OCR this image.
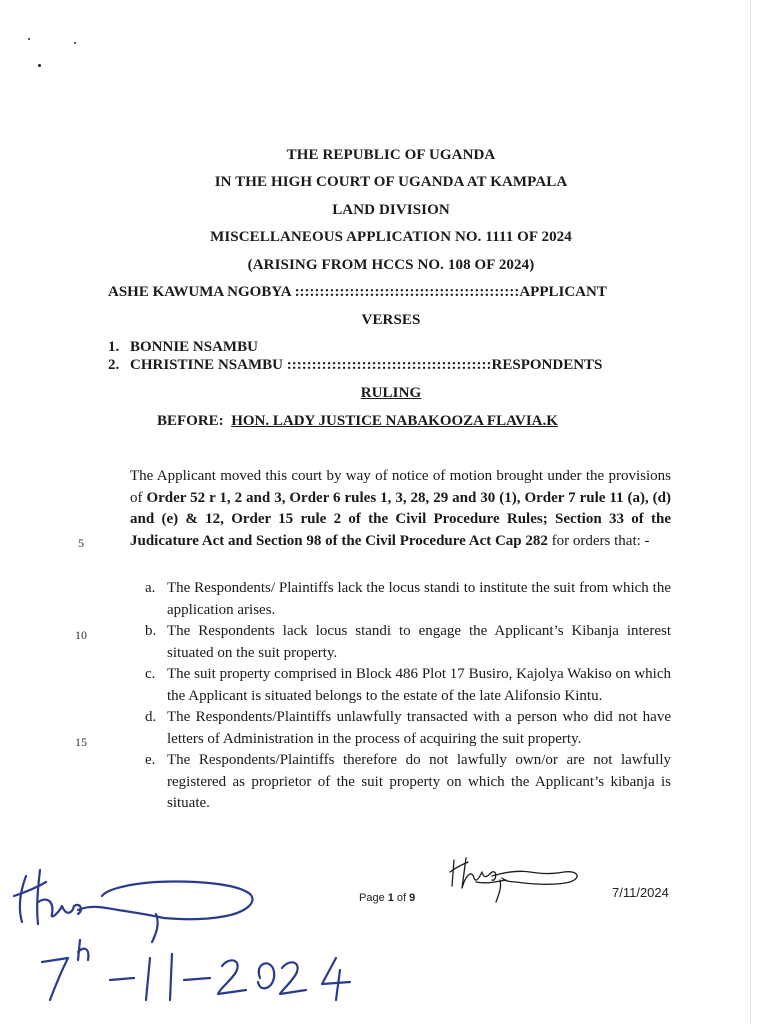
THE REPUBLIC OF UGANDA
IN THE HIGH COURT OF UGANDA AT KAMPALA
LAND DIVISION
MISCELLANEOUS APPLICATION NO. 1111 OF 2024
(ARISING FROM HCCS NO. 108 OF 2024)
ASHE KAWUMA NGOBYA :::::::::::::::::::::::::::::::::::::::::::::APPLICANT
VERSES
1. BONNIE NSAMBU
2. CHRISTINE NSAMBU :::::::::::::::::::::::::::::::::::::::::RESPONDENTS
RULING
BEFORE: HON. LADY JUSTICE NABAKOOZA FLAVIA.K
The Applicant moved this court by way of notice of motion brought under the provisions of Order 52 r 1, 2 and 3, Order 6 rules 1, 3, 28, 29 and 30 (1), Order 7 rule 11 (a), (d) and (e) & 12, Order 15 rule 2 of the Civil Procedure Rules; Section 33 of the Judicature Act and Section 98 of the Civil Procedure Act Cap 282 for orders that: -
5
10
15
a. The Respondents/ Plaintiffs lack the locus standi to institute the suit from which the application arises.
b. The Respondents lack locus standi to engage the Applicant’s Kibanja interest situated on the suit property.
c. The suit property comprised in Block 486 Plot 17 Busiro, Kajolya Wakiso on which the Applicant is situated belongs to the estate of the late Alifonsio Kintu.
d. The Respondents/Plaintiffs unlawfully transacted with a person who did not have letters of Administration in the process of acquiring the suit property.
e. The Respondents/Plaintiffs therefore do not lawfully own/or are not lawfully registered as proprietor of the suit property on which the Applicant’s kibanja is situate.
Page 1 of 9	7/11/2024
